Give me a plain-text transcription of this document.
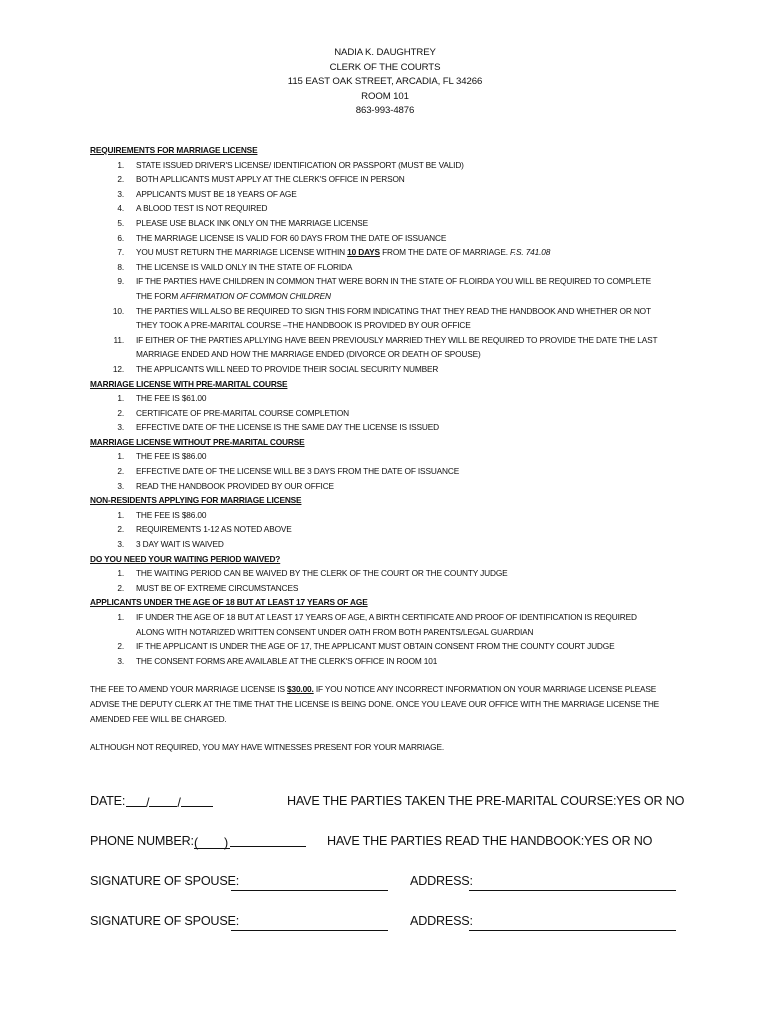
NADIA K. DAUGHTREY
CLERK OF THE COURTS
115 EAST OAK STREET, ARCADIA, FL 34266
ROOM 101
863-993-4876
REQUIREMENTS FOR MARRIAGE LICENSE
1. STATE ISSUED DRIVER'S LICENSE/ IDENTIFICATION OR PASSPORT (MUST BE VALID)
2. BOTH APLLICANTS MUST APPLY AT THE CLERK'S OFFICE IN PERSON
3. APPLICANTS MUST BE 18 YEARS OF AGE
4. A BLOOD TEST IS NOT REQUIRED
5. PLEASE USE BLACK INK ONLY ON THE MARRIAGE LICENSE
6. THE MARRIAGE LICENSE IS VALID FOR 60 DAYS FROM THE DATE OF ISSUANCE
7. YOU MUST RETURN THE MARRIAGE LICENSE WITHIN 10 DAYS FROM THE DATE OF MARRIAGE. F.S. 741.08
8. THE LICENSE IS VAILD ONLY IN THE STATE OF FLORIDA
9. IF THE PARTIES HAVE CHILDREN IN COMMON THAT WERE BORN IN THE STATE OF FLOIRDA YOU WILL BE REQUIRED TO COMPLETE
THE FORM AFFIRMATION OF COMMON CHILDREN
10. THE PARTIES WILL ALSO BE REQUIRED TO SIGN THIS FORM INDICATING THAT THEY READ THE HANDBOOK AND WHETHER OR NOT
THEY TOOK A PRE-MARITAL COURSE –THE HANDBOOK IS PROVIDED BY OUR OFFICE
11. IF EITHER OF THE PARTIES APLLYING HAVE BEEN PREVIOUSLY MARRIED THEY WILL BE REQUIRED TO PROVIDE THE DATE THE LAST
MARRIAGE ENDED AND HOW THE MARRIAGE ENDED (DIVORCE OR DEATH OF SPOUSE)
12. THE APPLICANTS WILL NEED TO PROVIDE THEIR SOCIAL SECURITY NUMBER
MARRIAGE LICENSE WITH PRE-MARITAL COURSE
1. THE FEE IS $61.00
2. CERTIFICATE OF PRE-MARITAL COURSE COMPLETION
3. EFFECTIVE DATE OF THE LICENSE IS THE SAME DAY THE LICENSE IS ISSUED
MARRIAGE LICENSE WITHOUT PRE-MARITAL COURSE
1. THE FEE IS $86.00
2. EFFECTIVE DATE OF THE LICENSE WILL BE 3 DAYS FROM THE DATE OF ISSUANCE
3. READ THE HANDBOOK PROVIDED BY OUR OFFICE
NON-RESIDENTS APPLYING FOR MARRIAGE LICENSE
1. THE FEE IS $86.00
2. REQUIREMENTS 1-12 AS NOTED ABOVE
3. 3 DAY WAIT IS WAIVED
DO YOU NEED YOUR WAITING PERIOD WAIVED?
1. THE WAITING PERIOD CAN BE WAIVED BY THE CLERK OF THE COURT OR THE COUNTY JUDGE
2. MUST BE OF EXTREME CIRCUMSTANCES
APPLICANTS UNDER THE AGE OF 18 BUT AT LEAST 17 YEARS OF AGE
1. IF UNDER THE AGE OF 18 BUT AT LEAST 17 YEARS OF AGE, A BIRTH CERTIFICATE AND PROOF OF IDENTIFICATION IS REQUIRED
ALONG WITH NOTARIZED WRITTEN CONSENT UNDER OATH FROM BOTH PARENTS/LEGAL GUARDIAN
2. IF THE APPLICANT IS UNDER THE AGE OF 17, THE APPLICANT MUST OBTAIN CONSENT FROM THE COUNTY COURT JUDGE
3. THE CONSENT FORMS ARE AVAILABLE AT THE CLERK'S OFFICE IN ROOM 101
THE FEE TO AMEND YOUR MARRIAGE LICENSE IS $30.00. IF YOU NOTICE ANY INCORRECT INFORMATION ON YOUR MARRIAGE LICENSE PLEASE ADVISE THE DEPUTY CLERK AT THE TIME THAT THE LICENSE IS BEING DONE. ONCE YOU LEAVE OUR OFFICE WITH THE MARRIAGE LICENSE THE AMENDED FEE WILL BE CHARGED.
ALTHOUGH NOT REQUIRED, YOU MAY HAVE WITNESSES PRESENT FOR YOUR MARRIAGE.
DATE:	/ /	HAVE THE PARTIES TAKEN THE PRE-MARITAL COURSE: YES OR NO
PHONE NUMBER: ( )	HAVE THE PARTIES READ THE HANDBOOK: YES OR NO
SIGNATURE OF SPOUSE:	ADDRESS:
SIGNATURE OF SPOUSE:	ADDRESS:
